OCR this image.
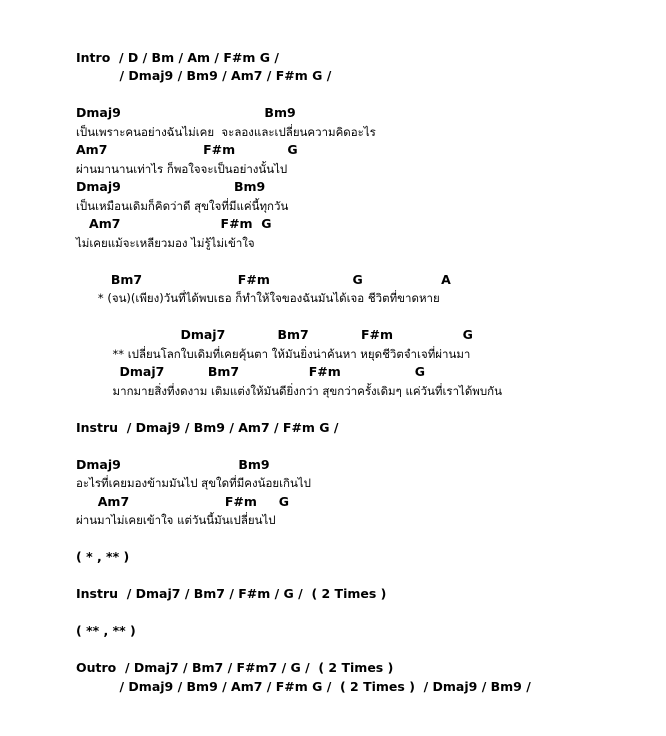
Intro  / D / Bm / Am / F#m G /
/ Dmaj9 / Bm9 / Am7 / F#m G /
Dmaj9                                 Bm9
เป็นเพราะคนอย่างฉันไม่เคย  จะลองและเปลี่ยนความคิดอะไร
Am7                      F#m            G
ผ่านมานานเท่าไร ก็พอใจจะเป็นอย่างนั้นไป
Dmaj9                          Bm9
เป็นเหมือนเดิมก็คิดว่าดี สุขใจที่มีแค่นี้ทุกวัน
Am7                       F#m  G
ไม่เคยแม้จะเหลียวมอง ไม่รู้ไม่เข้าใจ
Bm7                      F#m                   G                  A
* (จน)(เพียง)วันที่ได้พบเธอ ก็ทำให้ใจของฉันมันได้เจอ ชีวิตที่ขาดหาย
Dmaj7            Bm7            F#m                G
** เปลี่ยนโลกใบเดิมที่เคยคุ้นตา ให้มันยิ่งน่าค้นหา หยุดชีวิตจำเจที่ผ่านมา
Dmaj7          Bm7                F#m                 G
มากมายสิ่งที่งดงาม เติมแต่งให้มันดียิ่งกว่า สุขกว่าครั้งเดิมๆ แค่วันที่เราได้พบกัน
Instru  / Dmaj9 / Bm9 / Am7 / F#m G /
Dmaj9                           Bm9
อะไรที่เคยมองข้ามมันไป สุขใดที่มีคงน้อยเกินไป
Am7                      F#m     G
ผ่านมาไม่เคยเข้าใจ แต่วันนี้มันเปลี่ยนไป
( * , ** )
Instru  / Dmaj7 / Bm7 / F#m / G /  ( 2 Times )
( ** , ** )
Outro  / Dmaj7 / Bm7 / F#m7 / G /  ( 2 Times )
/ Dmaj9 / Bm9 / Am7 / F#m G /  ( 2 Times )  / Dmaj9 / Bm9 /
